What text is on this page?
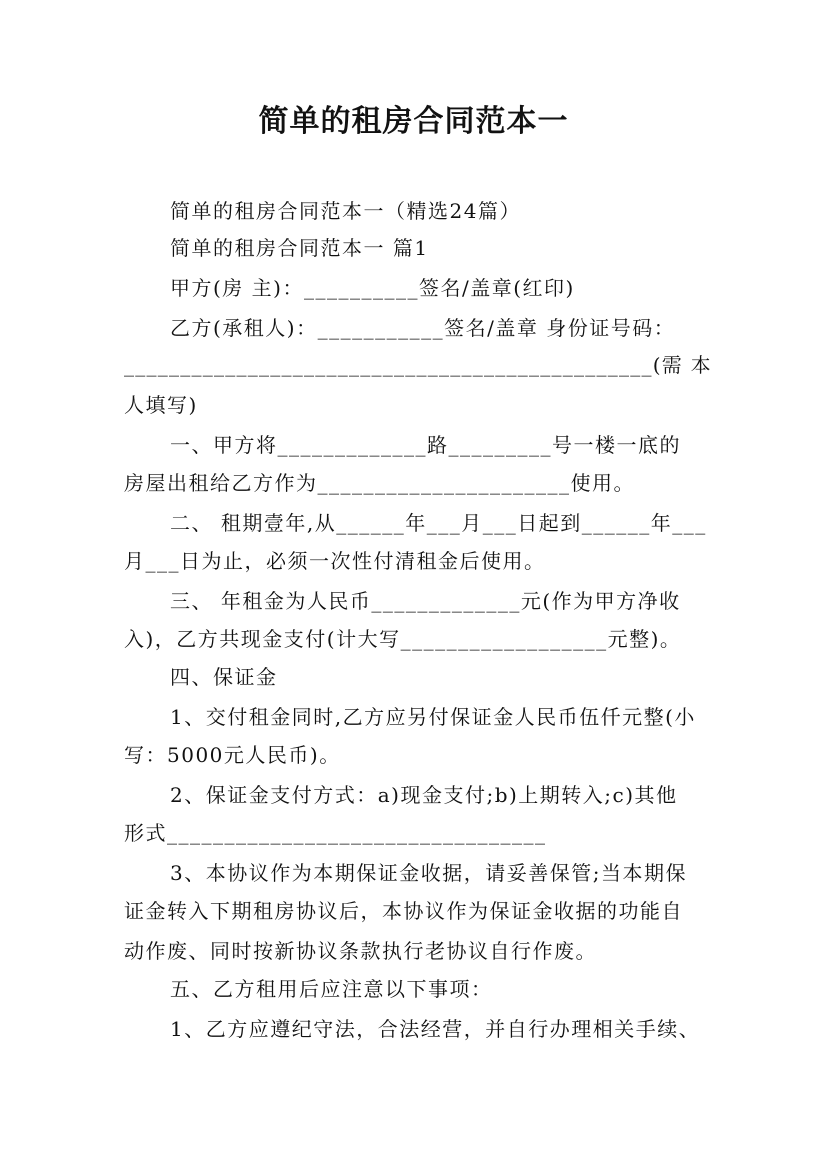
简单的租房合同范本一
简单的租房合同范本一（精选24篇）
简单的租房合同范本一 篇1
甲方(房 主)：__________签名/盖章(红印)
乙方(承租人)：___________签名/盖章 身份证号码：
_______________________________________________(需 本
人填写)
一、甲方将_____________路_________号一楼一底的
房屋出租给乙方作为______________________使用。
二、 租期壹年,从______年___月___日起到______年___
月___日为止，必须一次性付清租金后使用。
三、 年租金为人民币_____________元(作为甲方净收
入)，乙方共现金支付(计大写__________________元整)。
四、保证金
1、交付租金同时,乙方应另付保证金人民币伍仟元整(小
写：5000元人民币)。
2、保证金支付方式：a)现金支付;b)上期转入;c)其他
形式_________________________________
3、本协议作为本期保证金收据，请妥善保管;当本期保
证金转入下期租房协议后，本协议作为保证金收据的功能自
动作废、同时按新协议条款执行老协议自行作废。
五、乙方租用后应注意以下事项：
1、乙方应遵纪守法，合法经营，并自行办理相关手续、
